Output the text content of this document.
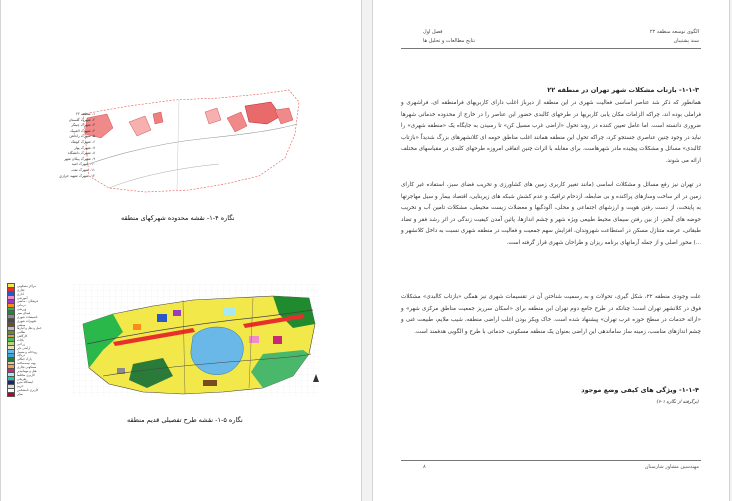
۱- منطقه ۲۲
۲- شهرک گلستان
۳- شهرک چیتگر
۴- شهرک المپیک
۵- شهرک راه‌آهن
۶- شهرک کوهک
۷- شهرک بهار
۸- شهرک دانشگاه
۹- شهرک پیکان شهر
۱۰- شهرک امید
۱۱- شهرک نفت
۱۲- شهرک شهید خرازی
نگاره ۴-۱- نقشه محدوده شهرکهای منطقه
مراکز مسکونی
تجاری
اداری
آموزشی
فرهنگی - مذهبی
درمانی
ورزشی
فضای سبز
تاسیسات شهری
تجهیزات شهری
صنعتی
حمل و نقل و انبارها
نظامی
کارگاهی
باغات
زراعی
اراضی بایر
رودخانه و مسیل
دریاچه
پارک جنگلی
پهنه نیمه‌ساخته
مسکونی تجاری
هتل و مهمانپذیر
کاربری مختلط
تفریحی
ایستگاه مترو
حریم
کاربری نامشخص
سایر
نگاره ۵-۱- نقشه طرح تفصیلی قدیم منطقه
الگوی توسعه منطقه ۲۲
سند پشتیبان
فصل اول
نتایج مطالعات و تحلیل ها
۱-۱-۳- بازتاب مشکلات شهر تهران در منطقه ۲۲
همانطور که ذکر شد عناصر اساسی فعالیت شهری در این منطقه از دیرباز اغلب دارای کاربریهای فرامنطقه ای، فراشهری و فراملی بوده اند، چراکه الزامات مکان یابی کاربریها در طرحهای کالبدی حضور این عناصر را در خارج از محدوده خدماتی شهرها ضروری دانسته است. اما عامل تعیین کننده در روند تحول «اراضی غرب مسیل کن» تا رسیدن به جایگاه یک «منطقه شهری» را نباید در وجود چنین عناصری جستجو کرد، چراکه تحول این منطقه همانند اغلب مناطق حومه ای کلانشهرهای بزرگ شدیداً «بازتاب کالبدی» مسائل و مشکلات پیچیده مادر شهرهاست. برای مقابله با اثرات چنین اتفاقی امروزه طرحهای کلبدی در مقیاسهای مختلف ارائه می شوند.
در تهران نیز رفع مسائل و مشکلات اساسی (مانند تغییر کاربری زمین های کشاورزی و تخریب فضای سبز، استفاده غیر کارای زمین در اثر ساخت وسازهای پراکنده و بی ضابطه، ازدحام ترافیک و عدم کشش شبکه های زیربنایی، اقتصاد بیمار و سیل مهاجرتها به پایتخت، از دست رفتن هویت و ارزشهای اجتماعی و محلی، آلودگیها و معضلات زیست محیطی، مشکلات تامین آب و تخریب حوضه های آبخیز، از بین رفتن سیمای محیط طبیعی ویژه شهر و چشم اندازها، پائین آمدن کیفیت زندگی در اثر رشد فقر و تضاد طبقاتی، عرضه متنازل مسکن در استطاعت شهروندان، افزایش سهم جمعیت و فعالیت در منطقه شهری نسبت به داخل کلانشهر و ...) محور اصلی و از جمله آرمانهای برنامه ریزان و طراحان شهری قرار گرفته است.
علت وجودی منطقه ۲۲، شکل گیری، تحولات و به رسمیت شناختن آن در تقسیمات شهری نیز همگی «بازتاب کالبدی» مشکلات فوق در کلانشهر تهران است؛ چنانکه در طرح جامع دوم تهران این منطقه برای «اسکان سرریز جمعیت مناطق مرکزی شهر» و «ارائه خدمات در سطح حوزه غرب تهران» پیشنهاد شده است. خاک ویکر بودن اغلب اراضی منطقه، شیب ملایم، طبیعت غنی و چشم اندازهای مناسب، زمینه ساز ساماندهی این اراضی بعنوان یک منطقه مسکونی، خدماتی با طرح و الگویی هدفمند است.
۱-۱-۴- ویژگی های کیفی وضع موجود
(برگرفته از نگاره ۱-۶)
مهندسین مشاور شارستان
۸
